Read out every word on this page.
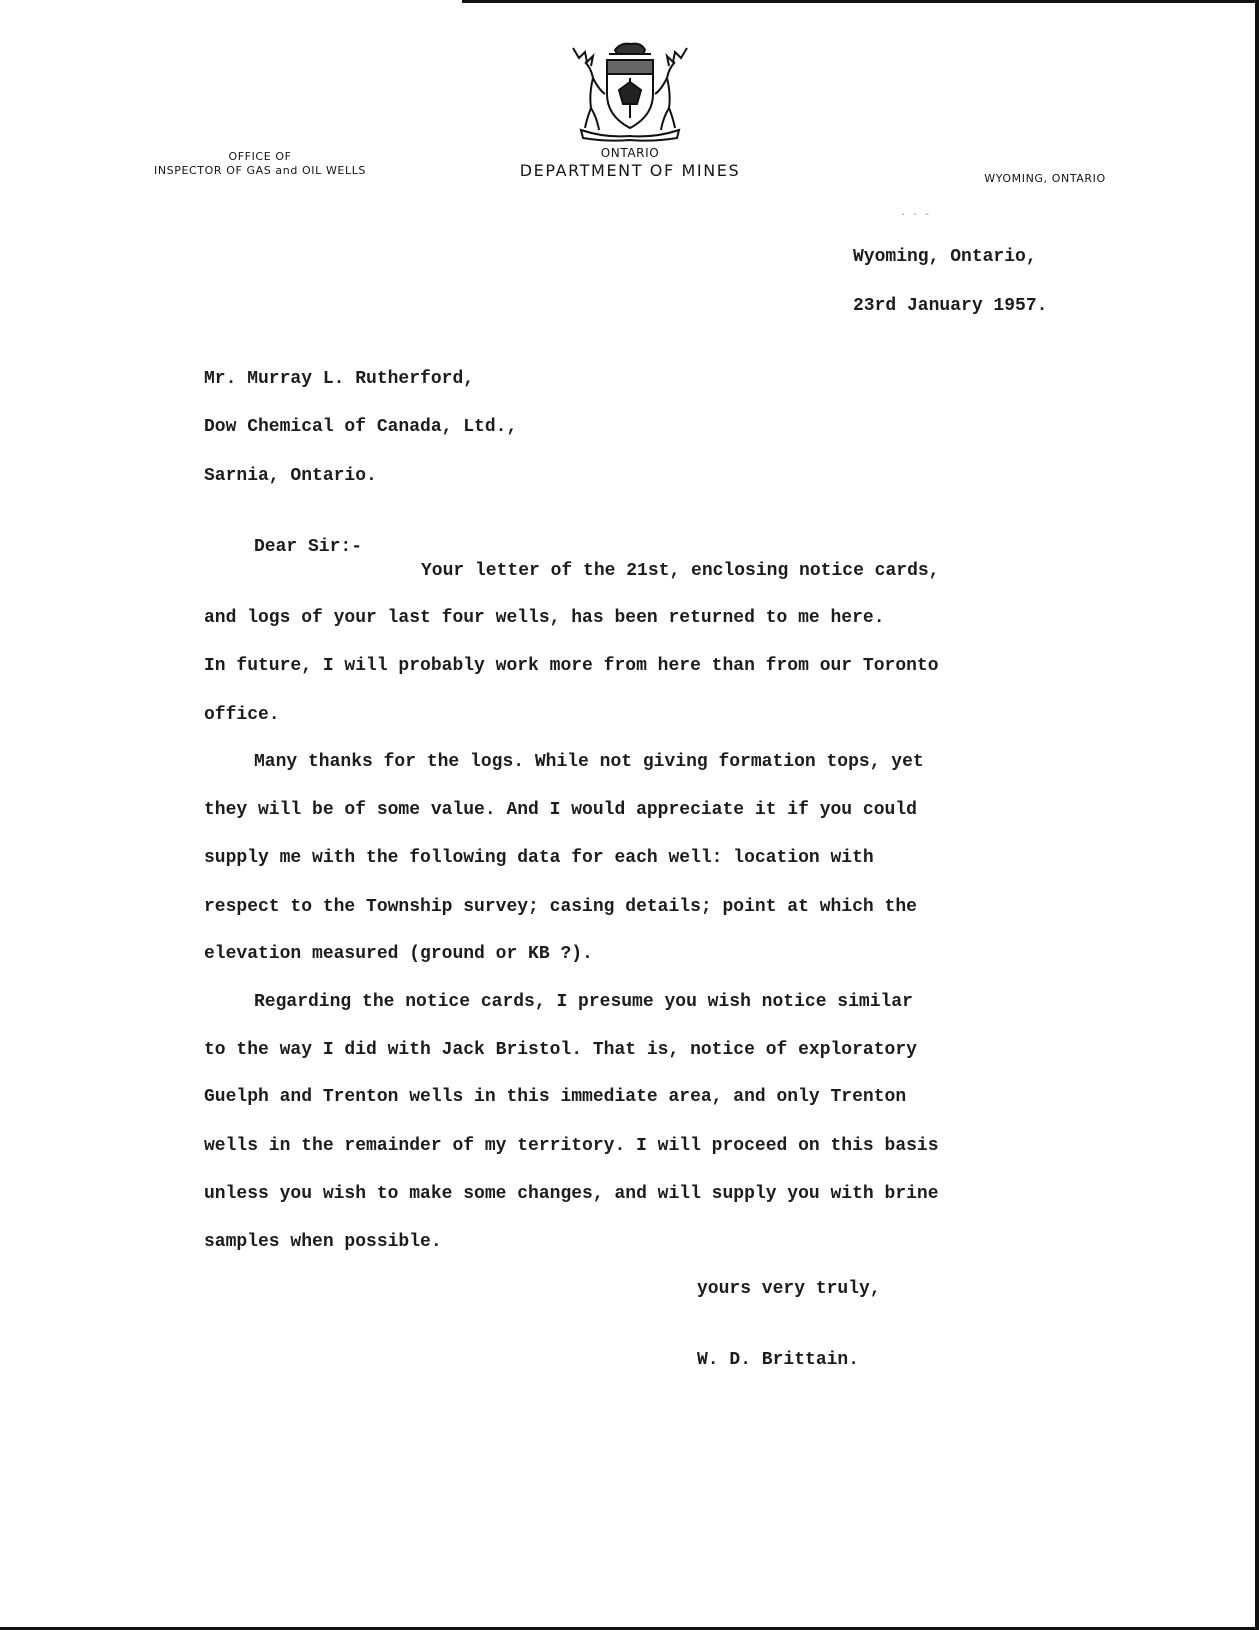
OFFICE OF
INSPECTOR OF GAS and OIL WELLS
ONTARIO
DEPARTMENT OF MINES	WYOMING, ONTARIO
· · -
Wyoming, Ontario,
23rd January 1957.
Mr. Murray L. Rutherford,
Dow Chemical of Canada, Ltd.,
Sarnia, Ontario.
Dear Sir:-
Your letter of the 21st, enclosing notice cards,
and logs of your last four wells, has been returned to me here.
In future, I will probably work more from here than from our Toronto
office.
Many thanks for the logs. While not giving formation tops, yet
they will be of some value. And I would appreciate it if you could
supply me with the following data for each well: location with
respect to the Township survey; casing details; point at which the
elevation measured (ground or KB ?).
Regarding the notice cards, I presume you wish notice similar
to the way I did with Jack Bristol. That is, notice of exploratory
Guelph and Trenton wells in this immediate area, and only Trenton
wells in the remainder of my territory. I will proceed on this basis
unless you wish to make some changes, and will supply you with brine
samples when possible.
yours very truly,
W. D. Brittain.
